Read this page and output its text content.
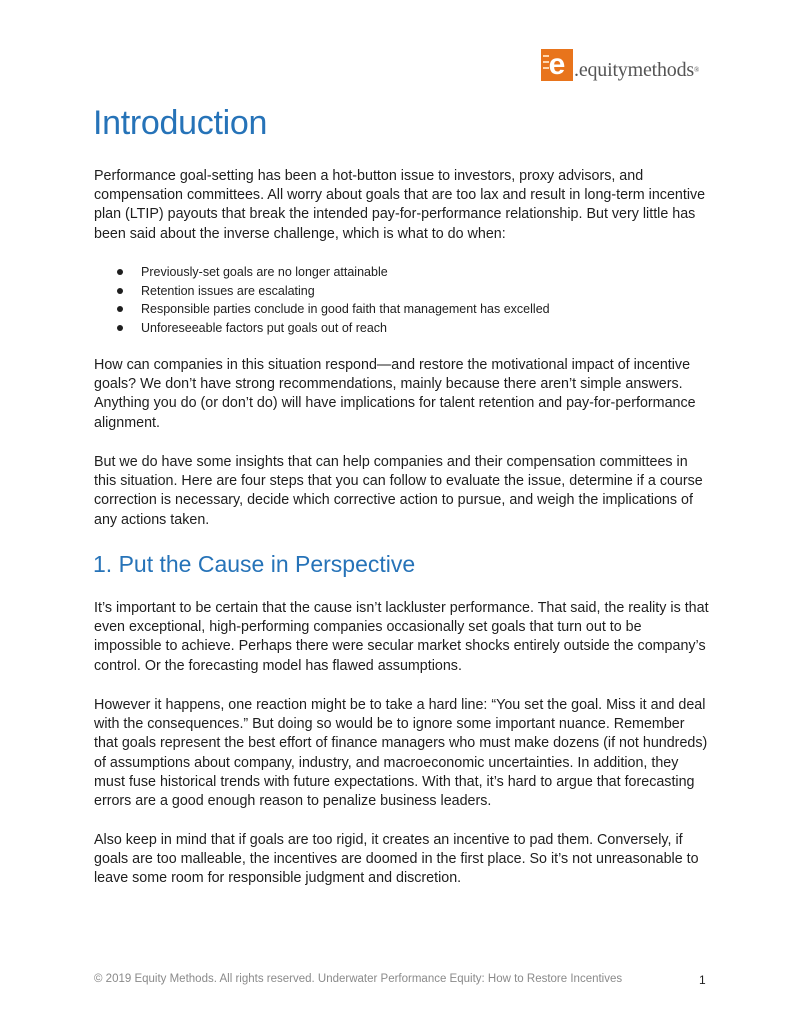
e .equitymethods®
Introduction

Performance goal-setting has been a hot-button issue to investors, proxy advisors, and compensation committees. All worry about goals that are too lax and result in long-term incentive plan (LTIP) payouts that break the intended pay-for-performance relationship. But very little has been said about the inverse challenge, which is what to do when:

Previously-set goals are no longer attainable
Retention issues are escalating
Responsible parties conclude in good faith that management has excelled
Unforeseeable factors put goals out of reach

How can companies in this situation respond—and restore the motivational impact of incentive goals? We don’t have strong recommendations, mainly because there aren’t simple answers. Anything you do (or don’t do) will have implications for talent retention and pay-for-performance alignment.

But we do have some insights that can help companies and their compensation committees in this situation. Here are four steps that you can follow to evaluate the issue, determine if a course correction is necessary, decide which corrective action to pursue, and weigh the implications of any actions taken.

1. Put the Cause in Perspective

It’s important to be certain that the cause isn’t lackluster performance. That said, the reality is that even exceptional, high-performing companies occasionally set goals that turn out to be impossible to achieve. Perhaps there were secular market shocks entirely outside the company’s control. Or the forecasting model has flawed assumptions.

However it happens, one reaction might be to take a hard line: “You set the goal. Miss it and deal with the consequences.” But doing so would be to ignore some important nuance. Remember that goals represent the best effort of finance managers who must make dozens (if not hundreds) of assumptions about company, industry, and macroeconomic uncertainties. In addition, they must fuse historical trends with future expectations. With that, it’s hard to argue that forecasting errors are a good enough reason to penalize business leaders.

Also keep in mind that if goals are too rigid, it creates an incentive to pad them. Conversely, if goals are too malleable, the incentives are doomed in the first place. So it’s not unreasonable to leave some room for responsible judgment and discretion.

© 2019 Equity Methods. All rights reserved. Underwater Performance Equity: How to Restore Incentives	1
